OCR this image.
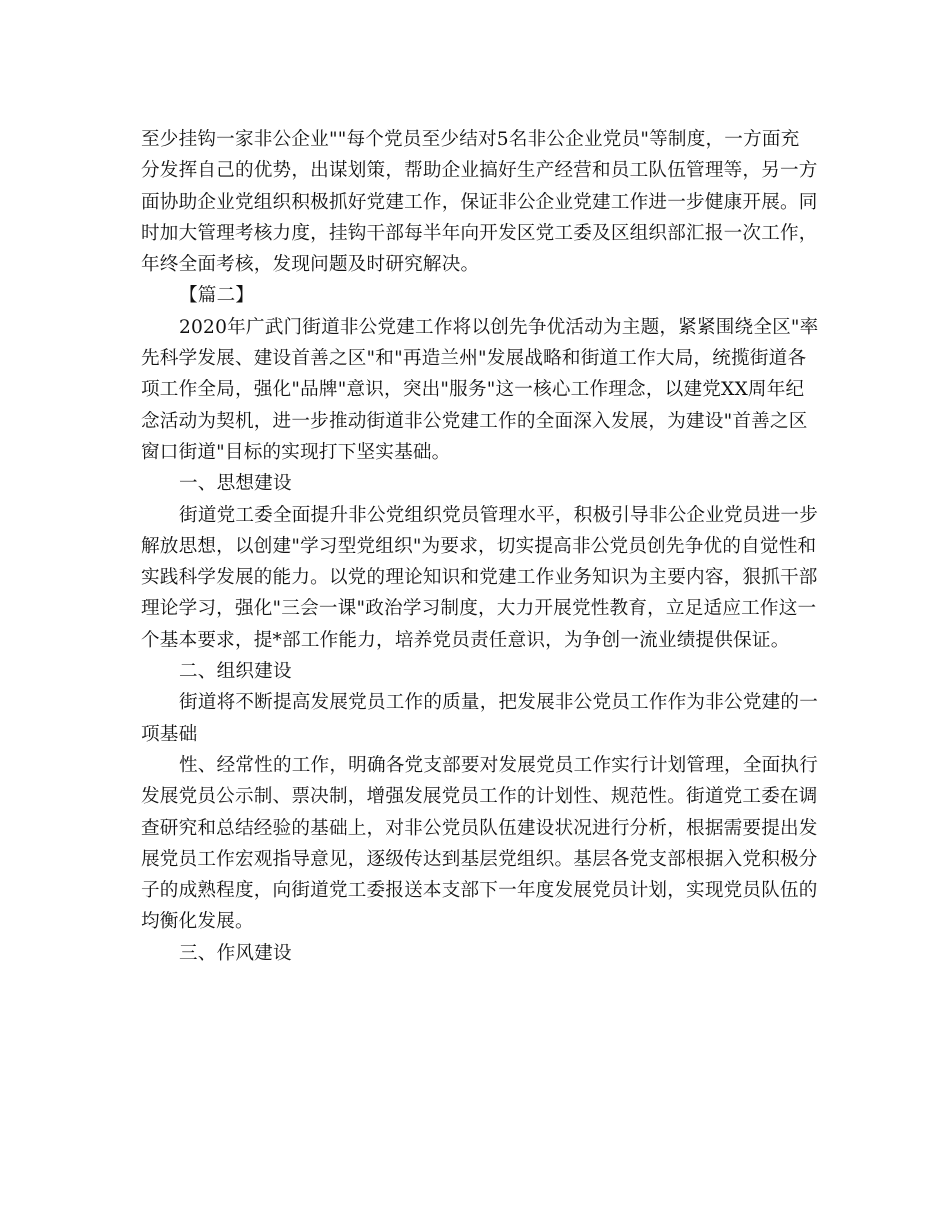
至少挂钩一家非公企业""每个党员至少结对5名非公企业党员"等制度，一方面充
分发挥自己的优势，出谋划策，帮助企业搞好生产经营和员工队伍管理等，另一方
面协助企业党组织积极抓好党建工作，保证非公企业党建工作进一步健康开展。同
时加大管理考核力度，挂钩干部每半年向开发区党工委及区组织部汇报一次工作，
年终全面考核，发现问题及时研究解决。
【篇二】
2020年广武门街道非公党建工作将以创先争优活动为主题，紧紧围绕全区"率
先科学发展、建设首善之区"和"再造兰州"发展战略和街道工作大局，统揽街道各
项工作全局，强化"品牌"意识，突出"服务"这一核心工作理念，以建党XX周年纪
念活动为契机，进一步推动街道非公党建工作的全面深入发展，为建设"首善之区
窗口街道"目标的实现打下坚实基础。
一、思想建设
街道党工委全面提升非公党组织党员管理水平，积极引导非公企业党员进一步
解放思想，以创建"学习型党组织"为要求，切实提高非公党员创先争优的自觉性和
实践科学发展的能力。以党的理论知识和党建工作业务知识为主要内容，狠抓干部
理论学习，强化"三会一课"政治学习制度，大力开展党性教育，立足适应工作这一
个基本要求，提*部工作能力，培养党员责任意识，为争创一流业绩提供保证。
二、组织建设
街道将不断提高发展党员工作的质量，把发展非公党员工作作为非公党建的一
项基础
性、经常性的工作，明确各党支部要对发展党员工作实行计划管理，全面执行
发展党员公示制、票决制，增强发展党员工作的计划性、规范性。街道党工委在调
查研究和总结经验的基础上，对非公党员队伍建设状况进行分析，根据需要提出发
展党员工作宏观指导意见，逐级传达到基层党组织。基层各党支部根据入党积极分
子的成熟程度，向街道党工委报送本支部下一年度发展党员计划，实现党员队伍的
均衡化发展。
三、作风建设
